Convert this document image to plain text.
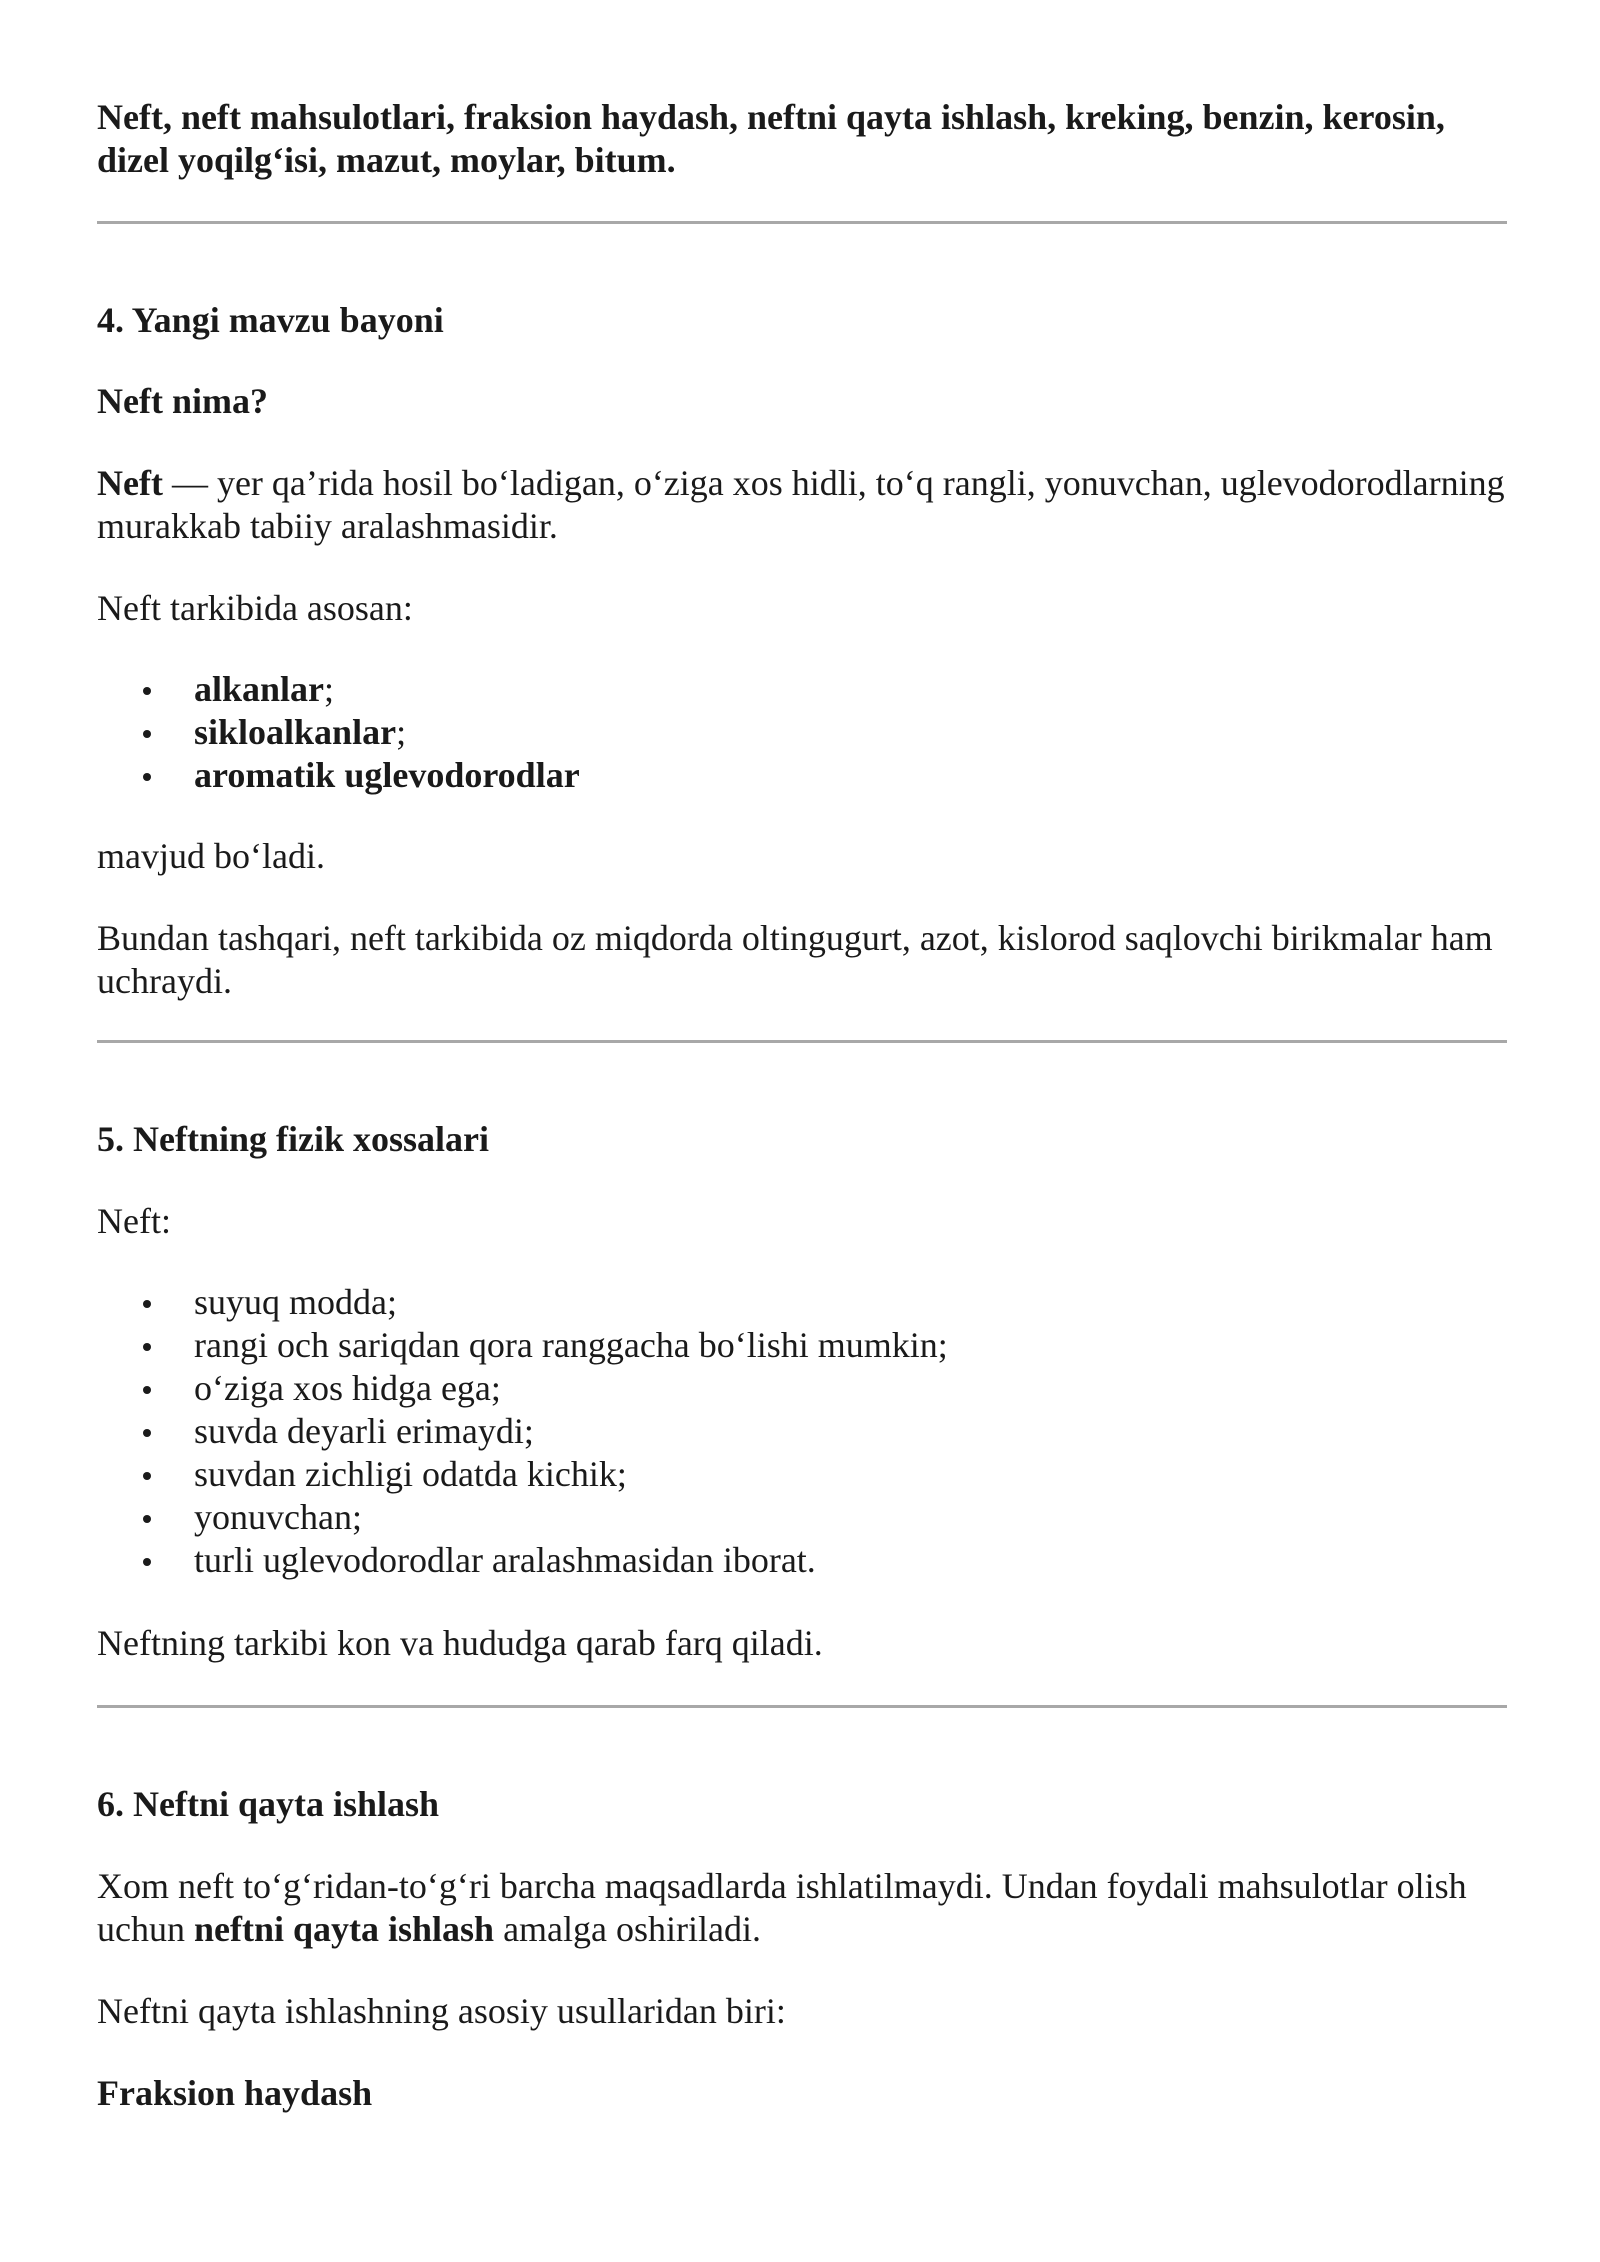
Neft, neft mahsulotlari, fraksion haydash, neftni qayta ishlash, kreking, benzin, kerosin, dizel yoqilg‘isi, mazut, moylar, bitum.

4. Yangi mavzu bayoni

Neft nima?

Neft — yer qa’rida hosil bo‘ladigan, o‘ziga xos hidli, to‘q rangli, yonuvchan, uglevodorodlarning murakkab tabiiy aralashmasidir.

Neft tarkibida asosan:

alkanlar;
sikloalkanlar;
aromatik uglevodorodlar

mavjud bo‘ladi.

Bundan tashqari, neft tarkibida oz miqdorda oltingugurt, azot, kislorod saqlovchi birikmalar ham uchraydi.

5. Neftning fizik xossalari

Neft:

suyuq modda;
rangi och sariqdan qora ranggacha bo‘lishi mumkin;
o‘ziga xos hidga ega;
suvda deyarli erimaydi;
suvdan zichligi odatda kichik;
yonuvchan;
turli uglevodorodlar aralashmasidan iborat.

Neftning tarkibi kon va hududga qarab farq qiladi.

6. Neftni qayta ishlash

Xom neft to‘g‘ridan-to‘g‘ri barcha maqsadlarda ishlatilmaydi. Undan foydali mahsulotlar olish uchun neftni qayta ishlash amalga oshiriladi.

Neftni qayta ishlashning asosiy usullaridan biri:

Fraksion haydash
